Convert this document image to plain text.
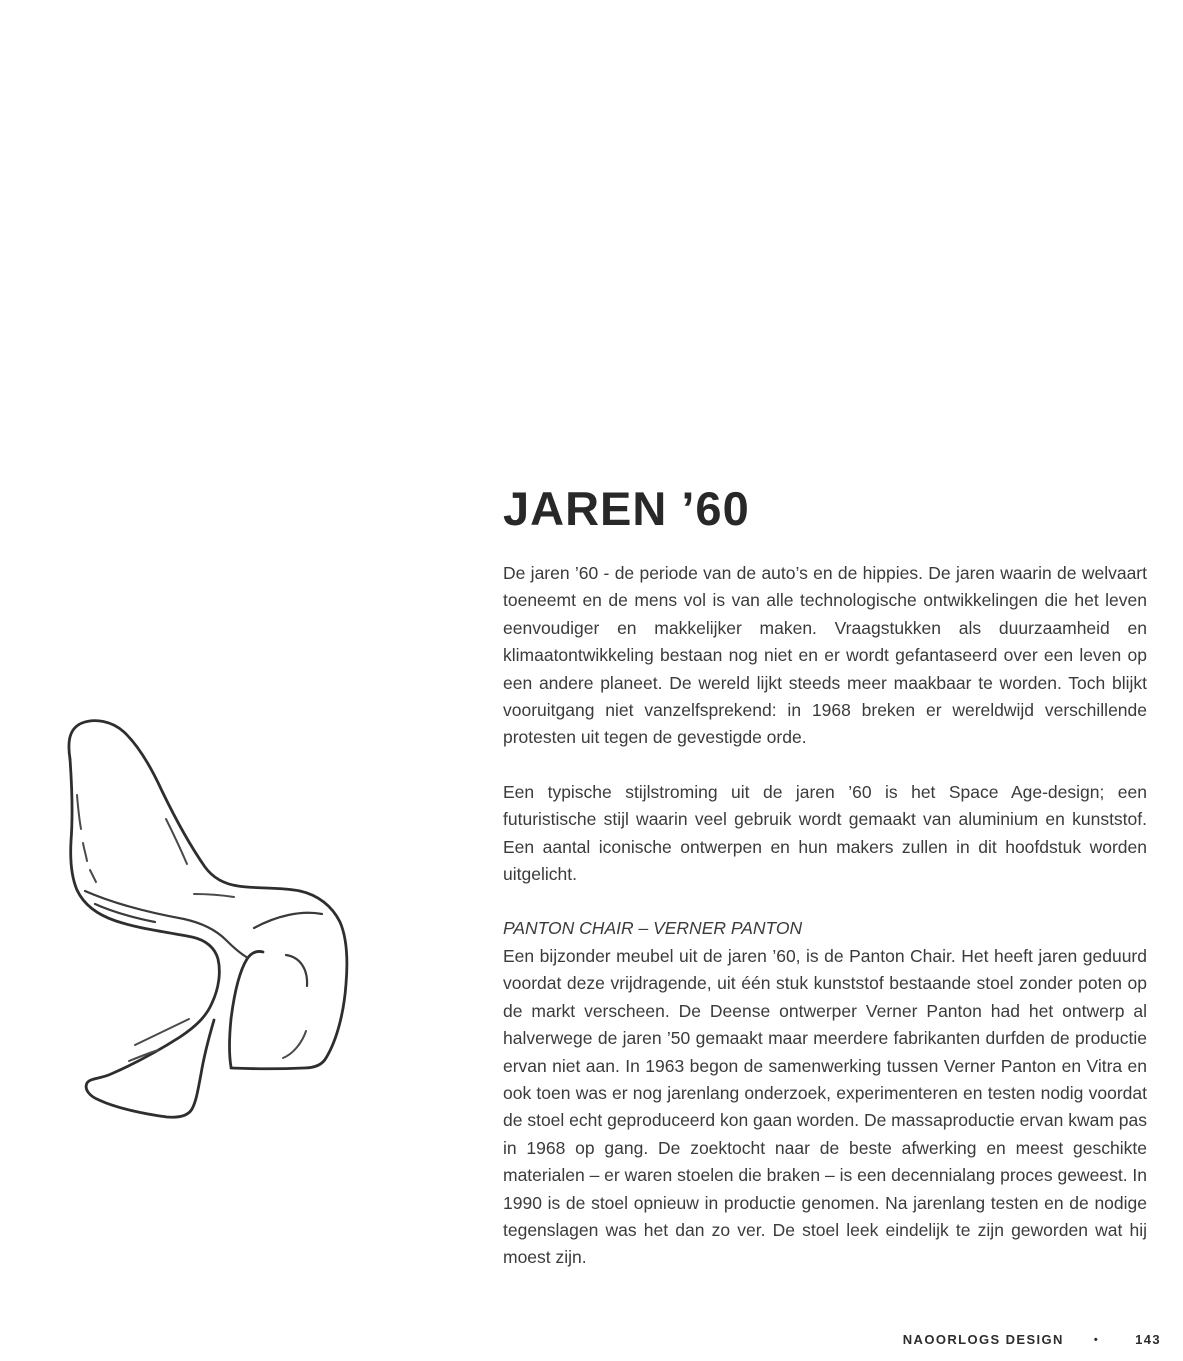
JAREN ’60

De jaren ’60 - de periode van de auto’s en de hippies. De jaren waarin de welvaart toeneemt en de mens vol is van alle technologische ontwikkelingen die het leven eenvoudiger en makkelijker maken. Vraagstukken als duurzaamheid en klimaatontwikkeling bestaan nog niet en er wordt gefantaseerd over een leven op een andere planeet. De wereld lijkt steeds meer maakbaar te worden. Toch blijkt vooruitgang niet vanzelfsprekend: in 1968 breken er wereldwijd verschillende protesten uit tegen de gevestigde orde.

Een typische stijlstroming uit de jaren ’60 is het Space Age-design; een futuristische stijl waarin veel gebruik wordt gemaakt van aluminium en kunststof. Een aantal iconische ontwerpen en hun makers zullen in dit hoofdstuk worden uitgelicht.

PANTON CHAIR – VERNER PANTON

Een bijzonder meubel uit de jaren ’60, is de Panton Chair. Het heeft jaren geduurd voordat deze vrijdragende, uit één stuk kunststof bestaande stoel zonder poten op de markt verscheen. De Deense ontwerper Verner Panton had het ontwerp al halverwege de jaren ’50 gemaakt maar meerdere fabrikanten durfden de productie ervan niet aan. In 1963 begon de samenwerking tussen Verner Panton en Vitra en ook toen was er nog jarenlang onderzoek, experimenteren en testen nodig voordat de stoel echt geproduceerd kon gaan worden. De massaproductie ervan kwam pas in 1968 op gang. De zoektocht naar de beste afwerking en meest geschikte materialen – er waren stoelen die braken – is een decennialang proces geweest. In 1990 is de stoel opnieuw in productie genomen. Na jarenlang testen en de nodige tegenslagen was het dan zo ver. De stoel leek eindelijk te zijn geworden wat hij moest zijn.

NAOORLOGS DESIGN	•	143
